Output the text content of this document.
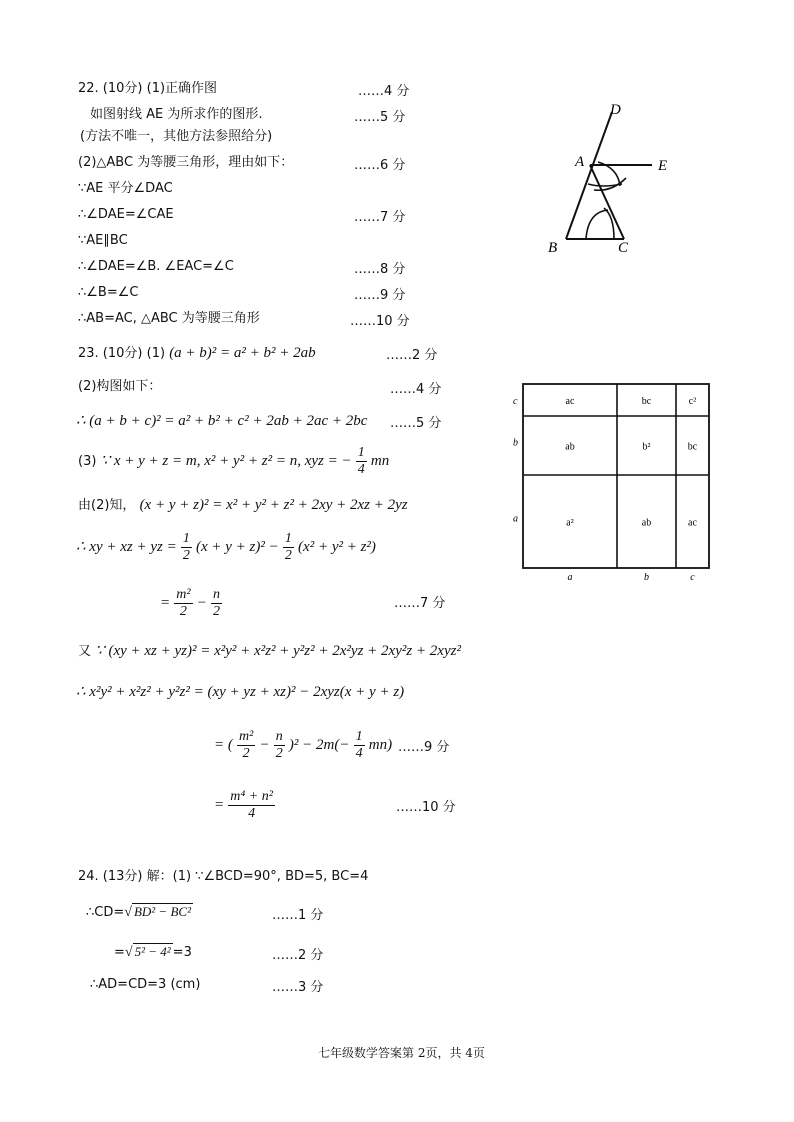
22. (10分) (1)正确作图	……4 分
如图射线 AE 为所求作的图形.	……5 分
(方法不唯一，其他方法参照给分)
(2)△ABC 为等腰三角形，理由如下：	……6 分
∵AE 平分∠DAC
∴∠DAE=∠CAE	……7 分
∵AE∥BC
∴∠DAE=∠B. ∠EAC=∠C	……8 分
∴∠B=∠C	……9 分
∴AB=AC, △ABC 为等腰三角形	……10 分
D
A	E
B	C
23. (10分) (1) (a + b)² = a² + b² + 2ab	……2 分
(2)构图如下：	……4 分
∴ (a + b + c)² = a² + b² + c² + 2ab + 2ac + 2bc ……5 分
(3) ∵ x + y + z = m, x² + y² + z² = n, xyz = − $\frac{1}{4}$ mn
由(2)知， (x + y + z)² = x² + y² + z² + 2xy + 2xz + 2yz
∴ xy + xz + yz = $\frac{1}{2} (x + y + z)^2 - \frac{1}{2} (x^2 + y^2 + z^2)$
= $\frac{\text{m²}}{2} - \frac{n}{2}$	……7 分
又 ∵ (xy + xz + yz)² = x²y² + x²z² + y²z² + 2x²yz + 2xy²z + 2xyz²
∴ x²y² + x²z² + y²z² = (xy + yz + xz)² − 2xyz(x + y + z)
= ( $\frac{\text{m²}}{2} - \frac{n}{2} )^2 - 2m(- \frac{1}{4} mn)$ ……9 分
= $\frac{\text{m⁴ + n²}}{4}$	……10 分
ac	bc	c²
ab	b²	bc
a²	ab	ac
c
b
a
a	b	c
24. (13分) 解：(1) ∵∠BCD=90°, BD=5, BC=4
∴CD=√ BD² − BC²	……1 分
=√ 5² − 4² =3	……2 分
∴AD=CD=3 (cm)	……3 分
七年级数学答案第 2页，共 4页
